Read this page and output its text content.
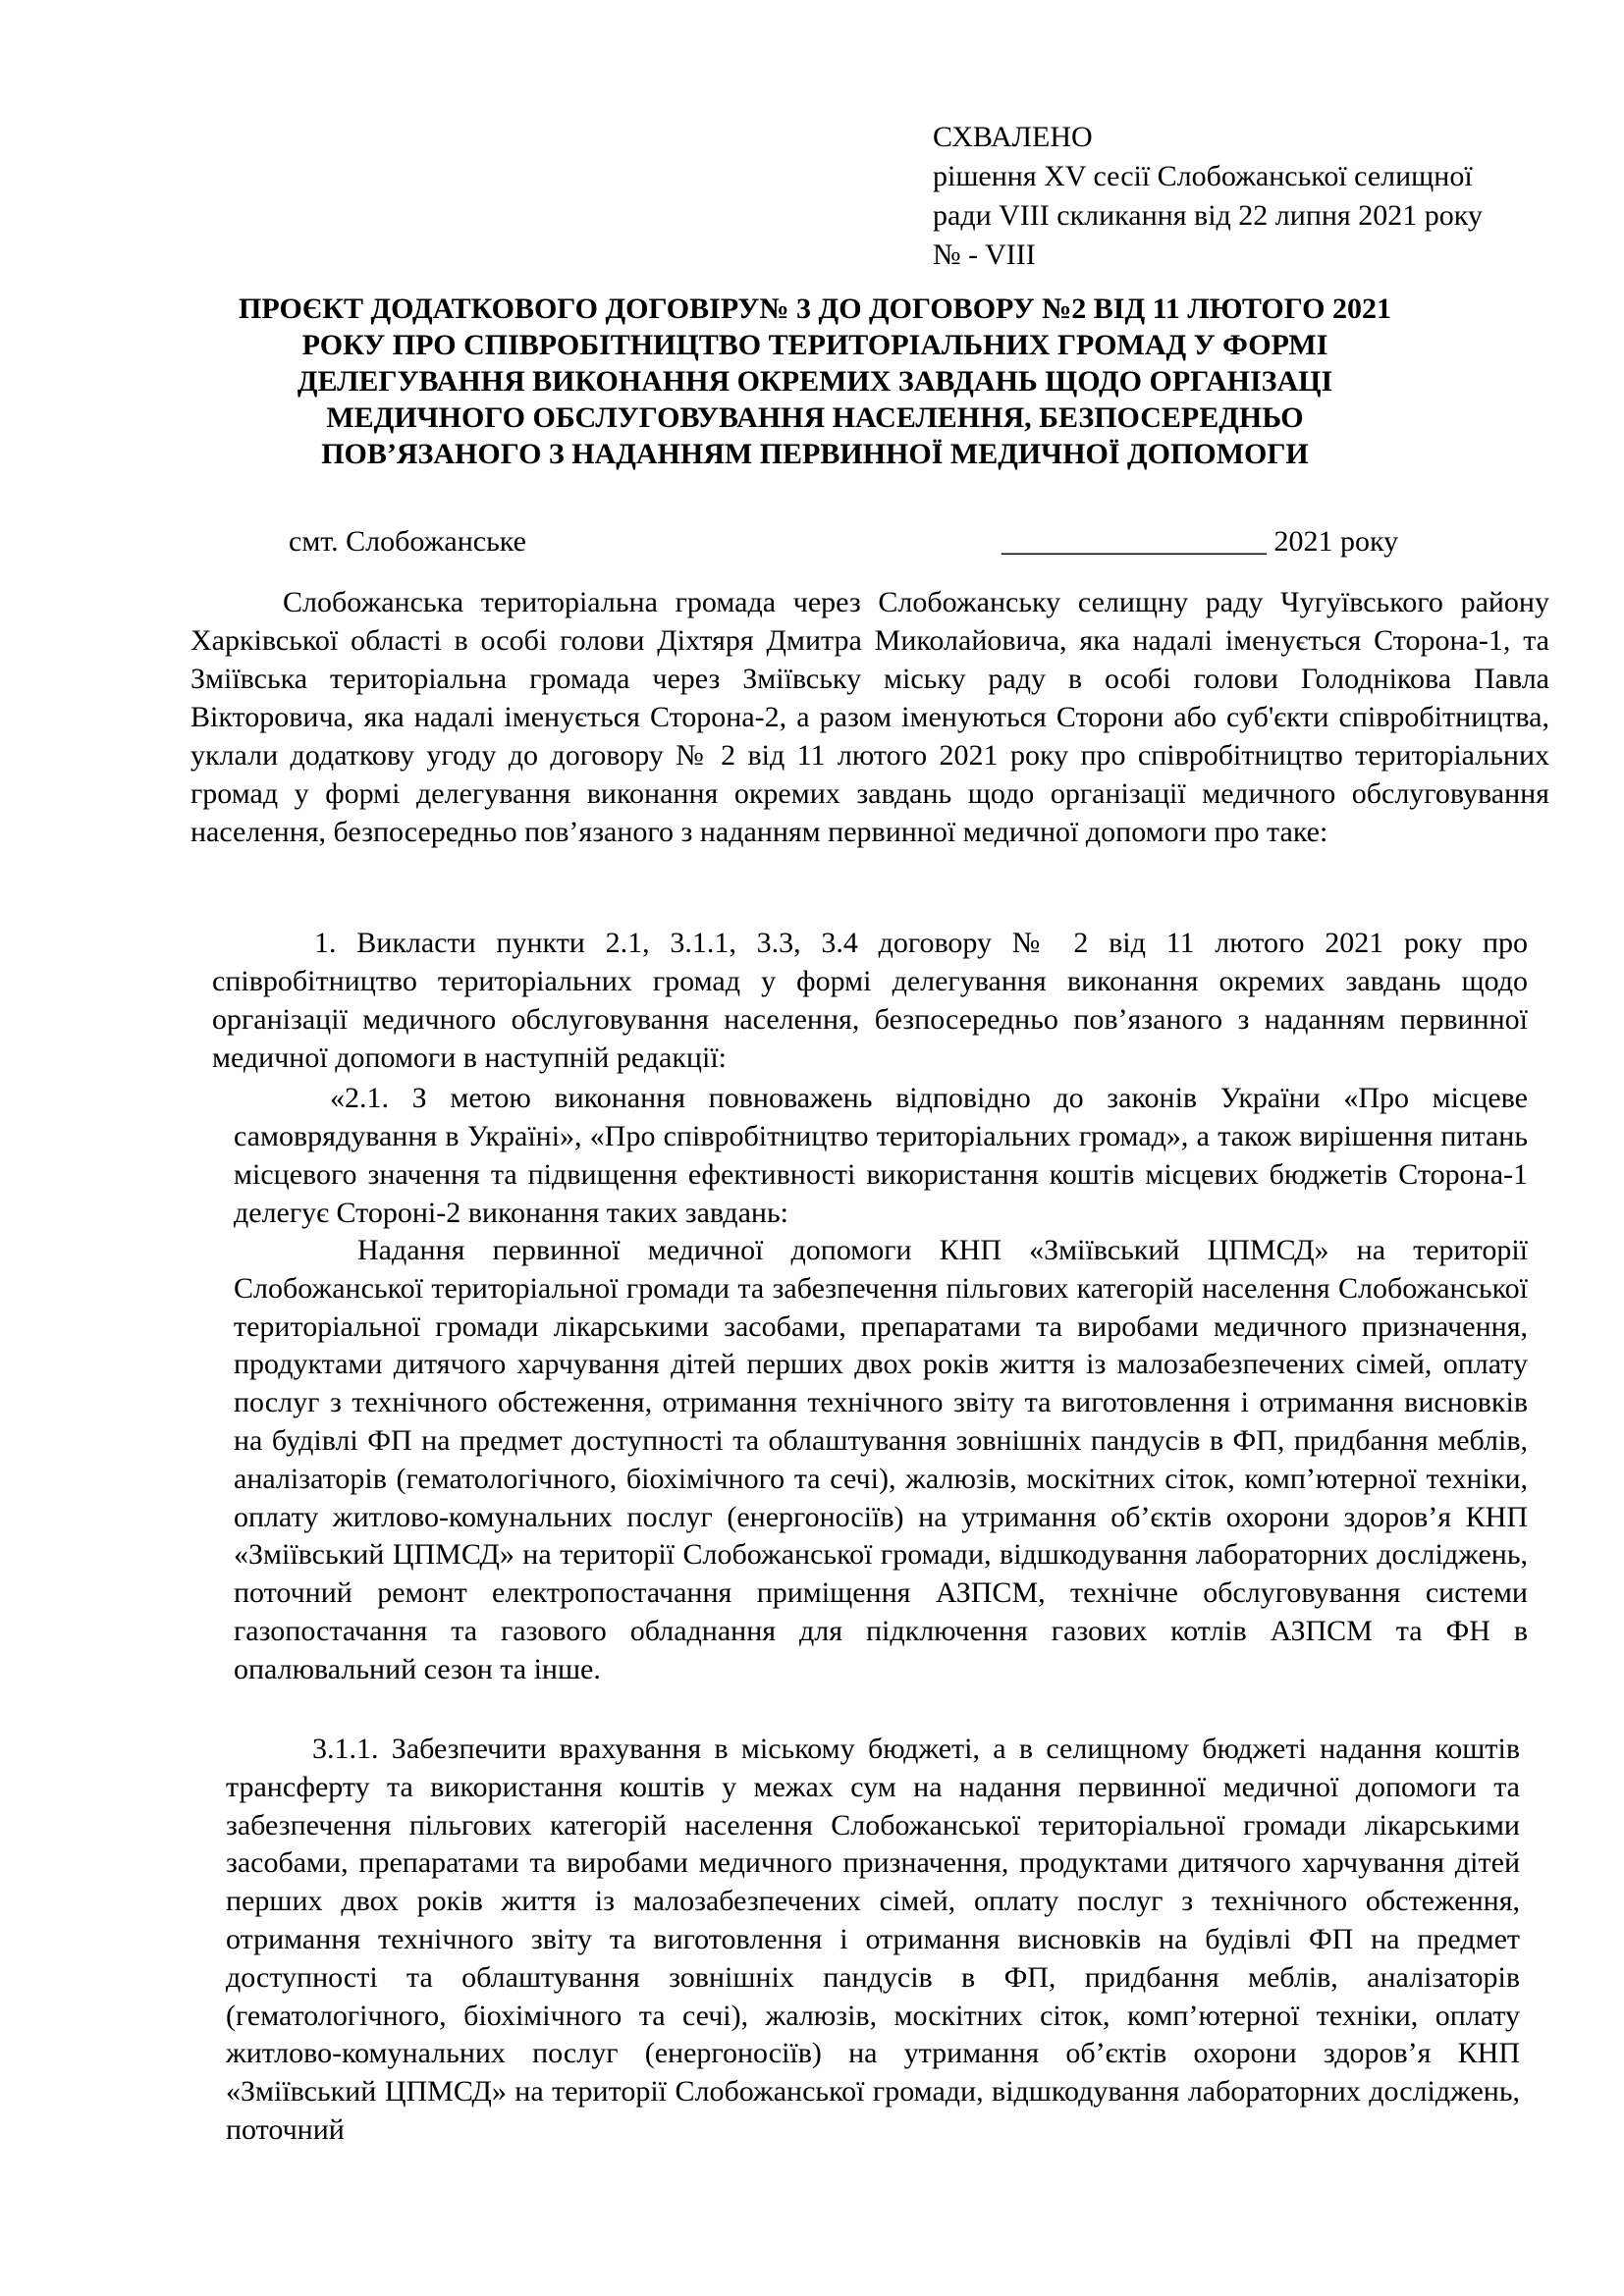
СХВАЛЕНО
рішення XV сесії Слобожанської селищної
ради VIII скликання від 22 липня 2021 року
№ - VIII
ПРОЄКТ ДОДАТКОВОГО ДОГОВІРУ№ 3 ДО ДОГОВОРУ №2 ВІД 11 ЛЮТОГО 2021
РОКУ ПРО СПІВРОБІТНИЦТВО ТЕРИТОРІАЛЬНИХ ГРОМАД У ФОРМІ
ДЕЛЕГУВАННЯ ВИКОНАННЯ ОКРЕМИХ ЗАВДАНЬ ЩОДО ОРГАНІЗАЦІ
МЕДИЧНОГО ОБСЛУГОВУВАННЯ НАСЕЛЕННЯ, БЕЗПОСЕРЕДНЬО
ПОВ’ЯЗАНОГО З НАДАННЯМ ПЕРВИННОЇ МЕДИЧНОЇ ДОПОМОГИ
смт. Слобожанське	__________________ 2021 року
Слобожанська територіальна громада через Слобожанську селищну раду Чугуївського району Харківської області в особі голови Діхтяря Дмитра Миколайовича, яка надалі іменується Сторона-1, та Зміївська територіальна громада через Зміївську міську раду в особі голови Голоднікова Павла Вікторовича, яка надалі іменується Сторона-2, а разом іменуються Сторони або суб'єкти співробітництва, уклали додаткову угоду до договору № 2 від 11 лютого 2021 року про співробітництво територіальних громад у формі делегування виконання окремих завдань щодо організації медичного обслуговування населення, безпосередньо пов’язаного з наданням первинної медичної допомоги про таке:
1. Викласти пункти 2.1, 3.1.1, 3.3, 3.4 договору № 2 від 11 лютого 2021 року про співробітництво територіальних громад у формі делегування виконання окремих завдань щодо організації медичного обслуговування населення, безпосередньо пов’язаного з наданням первинної медичної допомоги в наступній редакції:
«2.1. З метою виконання повноважень відповідно до законів України «Про місцеве самоврядування в Україні», «Про співробітництво територіальних громад», а також вирішення питань місцевого значення та підвищення ефективності використання коштів місцевих бюджетів Сторона-1 делегує Стороні-2 виконання таких завдань:
Надання первинної медичної допомоги КНП «Зміївський ЦПМСД» на території Слобожанської територіальної громади та забезпечення пільгових категорій населення Слобожанської територіальної громади лікарськими засобами, препаратами та виробами медичного призначення, продуктами дитячого харчування дітей перших двох років життя із малозабезпечених сімей, оплату послуг з технічного обстеження, отримання технічного звіту та виготовлення і отримання висновків на будівлі ФП на предмет доступності та облаштування зовнішніх пандусів в ФП, придбання меблів, аналізаторів (гематологічного, біохімічного та сечі), жалюзів, москітних сіток, комп’ютерної техніки, оплату житлово-комунальних послуг (енергоносіїв) на утримання об’єктів охорони здоров’я КНП «Зміївський ЦПМСД» на території Слобожанської громади, відшкодування лабораторних досліджень, поточний ремонт електропостачання приміщення АЗПСМ, технічне обслуговування системи газопостачання та газового обладнання для підключення газових котлів АЗПСМ та ФН в опалювальний сезон та інше.
3.1.1. Забезпечити врахування в міському бюджеті, а в селищному бюджеті надання коштів трансферту та використання коштів у межах сум на надання первинної медичної допомоги та забезпечення пільгових категорій населення Слобожанської територіальної громади лікарськими засобами, препаратами та виробами медичного призначення, продуктами дитячого харчування дітей перших двох років життя із малозабезпечених сімей, оплату послуг з технічного обстеження, отримання технічного звіту та виготовлення і отримання висновків на будівлі ФП на предмет доступності та облаштування зовнішніх пандусів в ФП, придбання меблів, аналізаторів (гематологічного, біохімічного та сечі), жалюзів, москітних сіток, комп’ютерної техніки, оплату житлово-комунальних послуг (енергоносіїв) на утримання об’єктів охорони здоров’я КНП «Зміївський ЦПМСД» на території Слобожанської громади, відшкодування лабораторних досліджень, поточний
